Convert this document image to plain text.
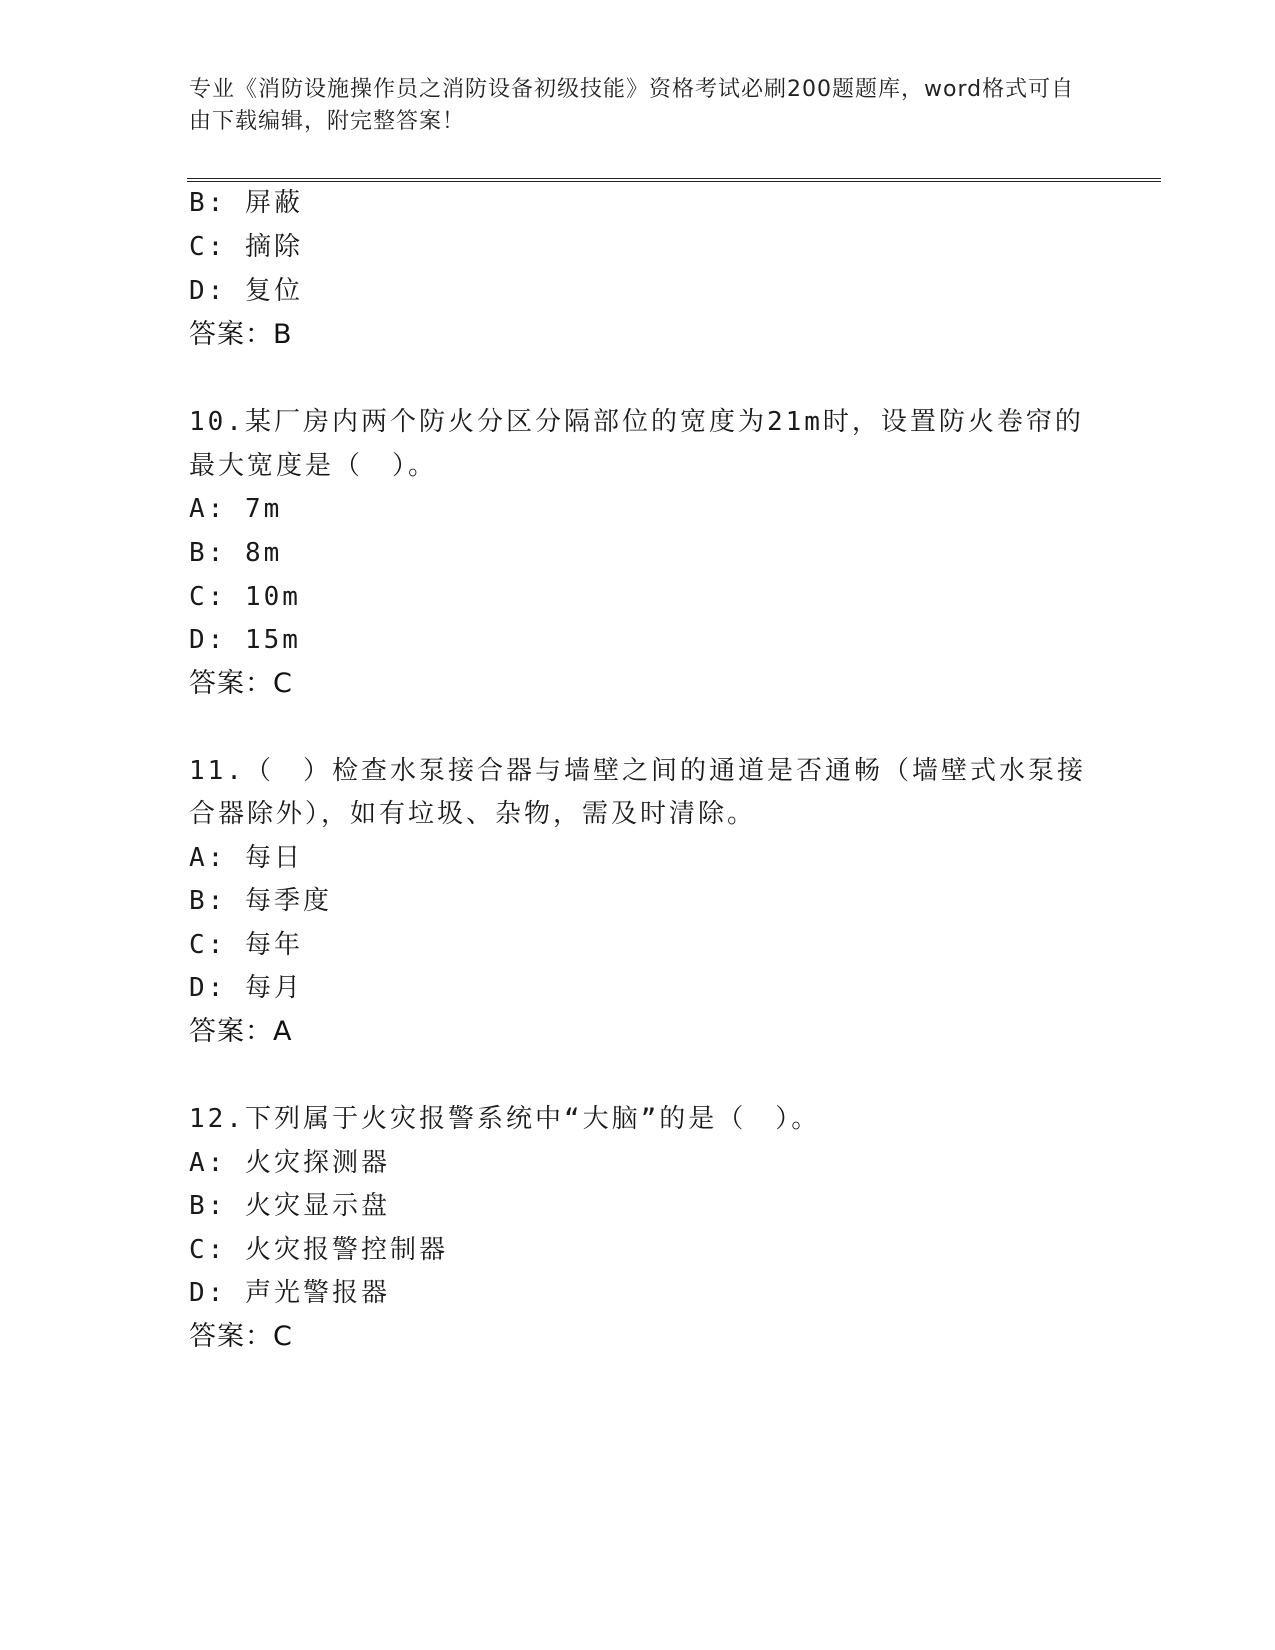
专业《消防设施操作员之消防设备初级技能》资格考试必刷200题题库，word格式可自由下载编辑，附完整答案！
B: 屏蔽
C: 摘除
D: 复位
答案：B
10.某厂房内两个防火分区分隔部位的宽度为21m时，设置防火卷帘的
最大宽度是（　）。
A: 7m
B: 8m
C: 10m
D: 15m
答案：C
11.（　）检查水泵接合器与墙壁之间的通道是否通畅（墙壁式水泵接
合器除外），如有垃圾、杂物，需及时清除。
A: 每日
B: 每季度
C: 每年
D: 每月
答案：A
12.下列属于火灾报警系统中“大脑”的是（　）。
A: 火灾探测器
B: 火灾显示盘
C: 火灾报警控制器
D: 声光警报器
答案：C
